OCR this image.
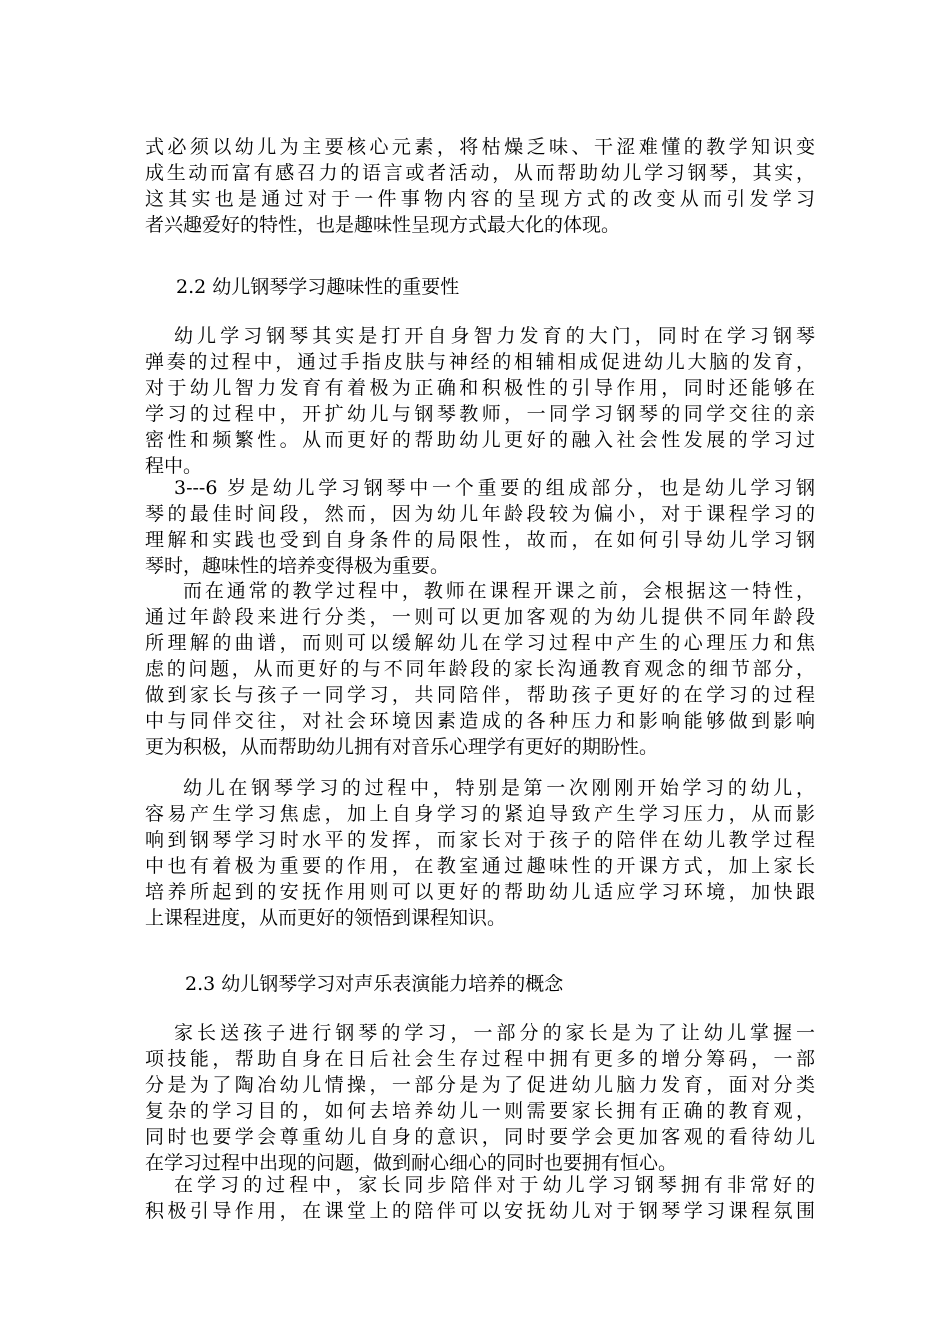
式必须以幼儿为主要核心元素，将枯燥乏味、干涩难懂的教学知识变
成生动而富有感召力的语言或者活动，从而帮助幼儿学习钢琴，其实，
这其实也是通过对于一件事物内容的呈现方式的改变从而引发学习
者兴趣爱好的特性，也是趣味性呈现方式最大化的体现。
2.2 幼儿钢琴学习趣味性的重要性
幼儿学习钢琴其实是打开自身智力发育的大门，同时在学习钢琴
弹奏的过程中，通过手指皮肤与神经的相辅相成促进幼儿大脑的发育，
对于幼儿智力发育有着极为正确和积极性的引导作用，同时还能够在
学习的过程中，开扩幼儿与钢琴教师，一同学习钢琴的同学交往的亲
密性和频繁性。从而更好的帮助幼儿更好的融入社会性发展的学习过
程中。
3---6 岁是幼儿学习钢琴中一个重要的组成部分，也是幼儿学习钢
琴的最佳时间段，然而，因为幼儿年龄段较为偏小，对于课程学习的
理解和实践也受到自身条件的局限性，故而，在如何引导幼儿学习钢
琴时，趣味性的培养变得极为重要。
而在通常的教学过程中，教师在课程开课之前，会根据这一特性，
通过年龄段来进行分类，一则可以更加客观的为幼儿提供不同年龄段
所理解的曲谱，而则可以缓解幼儿在学习过程中产生的心理压力和焦
虑的问题，从而更好的与不同年龄段的家长沟通教育观念的细节部分，
做到家长与孩子一同学习，共同陪伴，帮助孩子更好的在学习的过程
中与同伴交往，对社会环境因素造成的各种压力和影响能够做到影响
更为积极，从而帮助幼儿拥有对音乐心理学有更好的期盼性。
幼儿在钢琴学习的过程中，特别是第一次刚刚开始学习的幼儿，
容易产生学习焦虑，加上自身学习的紧迫导致产生学习压力，从而影
响到钢琴学习时水平的发挥，而家长对于孩子的陪伴在幼儿教学过程
中也有着极为重要的作用，在教室通过趣味性的开课方式，加上家长
培养所起到的安抚作用则可以更好的帮助幼儿适应学习环境，加快跟
上课程进度，从而更好的领悟到课程知识。
2.3 幼儿钢琴学习对声乐表演能力培养的概念
家长送孩子进行钢琴的学习，一部分的家长是为了让幼儿掌握一
项技能，帮助自身在日后社会生存过程中拥有更多的增分筹码，一部
分是为了陶冶幼儿情操，一部分是为了促进幼儿脑力发育，面对分类
复杂的学习目的，如何去培养幼儿一则需要家长拥有正确的教育观，
同时也要学会尊重幼儿自身的意识，同时要学会更加客观的看待幼儿
在学习过程中出现的问题，做到耐心细心的同时也要拥有恒心。
在学习的过程中，家长同步陪伴对于幼儿学习钢琴拥有非常好的
积极引导作用，在课堂上的陪伴可以安抚幼儿对于钢琴学习课程氛围
